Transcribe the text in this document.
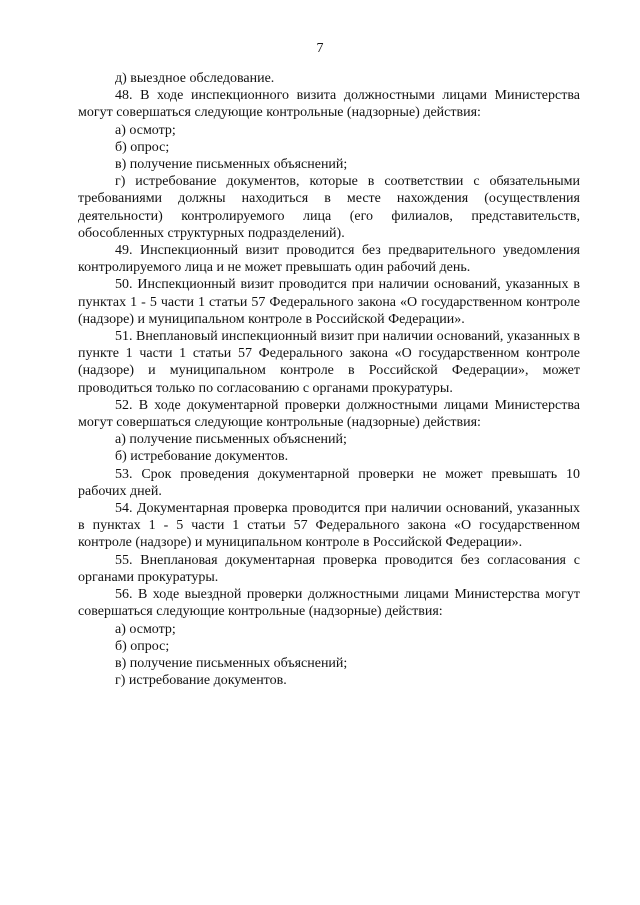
7

д) выездное обследование.

48. В ходе инспекционного визита должностными лицами Министерства могут совершаться следующие контрольные (надзорные) действия:

а) осмотр;

б) опрос;

в) получение письменных объяснений;

г) истребование документов, которые в соответствии с обязательными требованиями должны находиться в месте нахождения (осуществления деятельности) контролируемого лица (его филиалов, представительств, обособленных структурных подразделений).

49. Инспекционный визит проводится без предварительного уведомления контролируемого лица и не может превышать один рабочий день.

50. Инспекционный визит проводится при наличии оснований, указанных в пунктах 1 - 5 части 1 статьи 57 Федерального закона «О государственном контроле (надзоре) и муниципальном контроле в Российской Федерации».

51. Внеплановый инспекционный визит при наличии оснований, указанных в пункте 1 части 1 статьи 57 Федерального закона «О государственном контроле (надзоре) и муниципальном контроле в Российской Федерации», может проводиться только по согласованию с органами прокуратуры.

52. В ходе документарной проверки должностными лицами Министерства могут совершаться следующие контрольные (надзорные) действия:

а) получение письменных объяснений;

б) истребование документов.

53. Срок проведения документарной проверки не может превышать 10 рабочих дней.

54. Документарная проверка проводится при наличии оснований, указанных в пунктах 1 - 5 части 1 статьи 57 Федерального закона «О государственном контроле (надзоре) и муниципальном контроле в Российской Федерации».

55. Внеплановая документарная проверка проводится без согласования с органами прокуратуры.

56. В ходе выездной проверки должностными лицами Министерства могут совершаться следующие контрольные (надзорные) действия:

а) осмотр;

б) опрос;

в) получение письменных объяснений;

г) истребование документов.
